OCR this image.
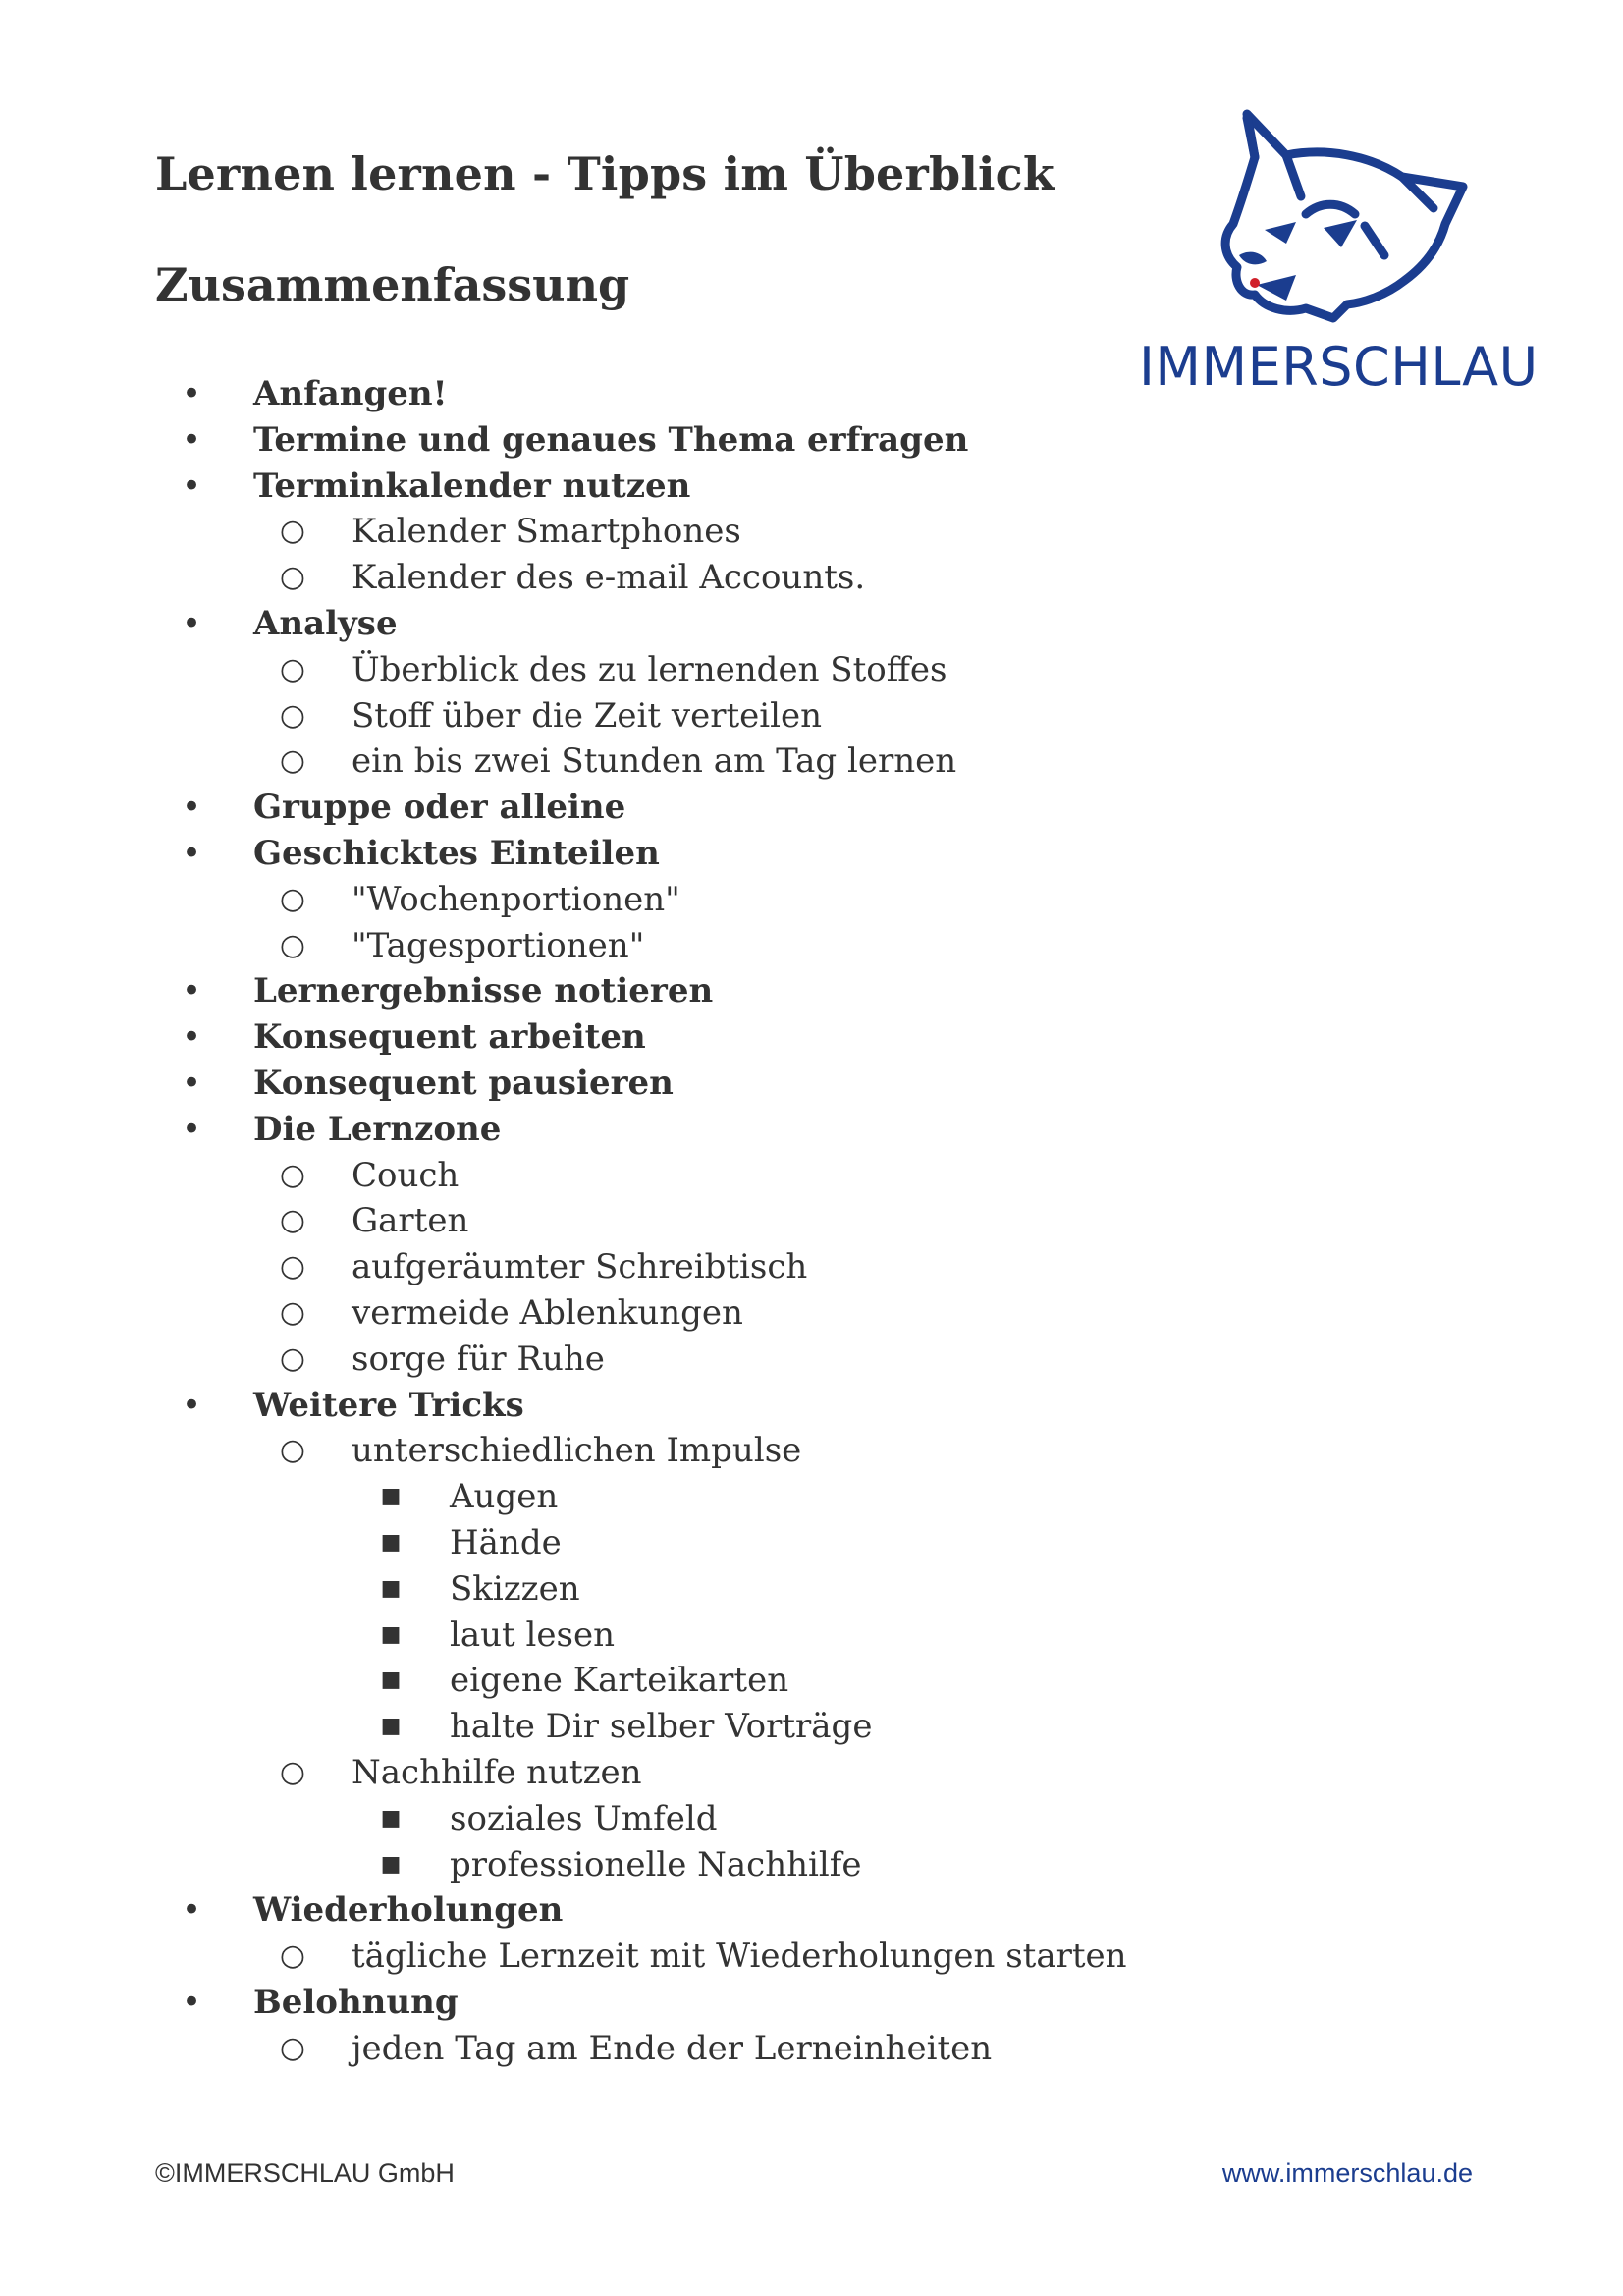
Lernen lernen - Tipps im Überblick
Zusammenfassung
IMMERSCHLAU
• Anfangen!
• Termine und genaues Thema erfragen
• Terminkalender nutzen
○ Kalender Smartphones
○ Kalender des e-mail Accounts.
• Analyse
○ Überblick des zu lernenden Stoffes
○ Stoff über die Zeit verteilen
○ ein bis zwei Stunden am Tag lernen
• Gruppe oder alleine
• Geschicktes Einteilen
○ "Wochenportionen"
○ "Tagesportionen"
• Lernergebnisse notieren
• Konsequent arbeiten
• Konsequent pausieren
• Die Lernzone
○ Couch
○ Garten
○ aufgeräumter Schreibtisch
○ vermeide Ablenkungen
○ sorge für Ruhe
• Weitere Tricks
○ unterschiedlichen Impulse
■ Augen
■ Hände
■ Skizzen
■ laut lesen
■ eigene Karteikarten
■ halte Dir selber Vorträge
○ Nachhilfe nutzen
■ soziales Umfeld
■ professionelle Nachhilfe
• Wiederholungen
○ tägliche Lernzeit mit Wiederholungen starten
• Belohnung
○ jeden Tag am Ende der Lerneinheiten
©IMMERSCHLAU GmbH	www.immerschlau.de
